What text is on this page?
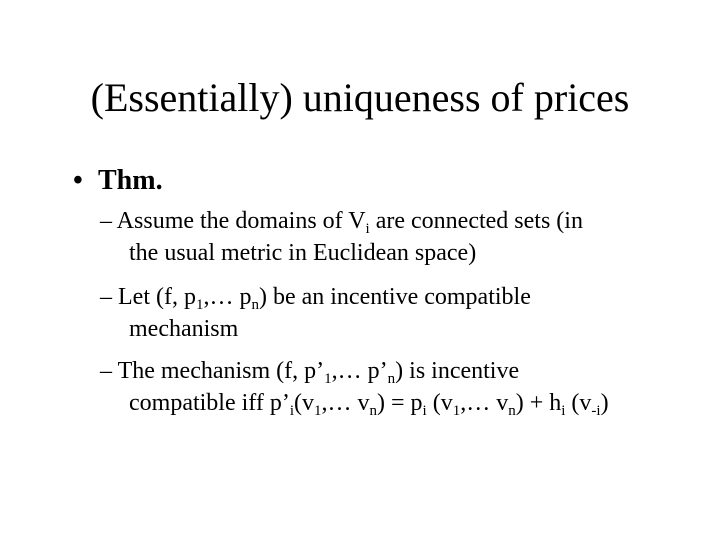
(Essentially) uniqueness of prices
• Thm.
– Assume the domains of $V_i$ are connected sets (in
the usual metric in Euclidean space)
– Let (f, $p_1,\dots$ $p_n$) be an incentive compatible
mechanism
– The mechanism (f, $p’_1,\dots$ $p’_n$) is incentive
compatible iff $p’_i(v_1,\dots$ $v_n) = p_i$ ($v_1,\dots$ $v_n) + h_i$ $(v_{-i})$
